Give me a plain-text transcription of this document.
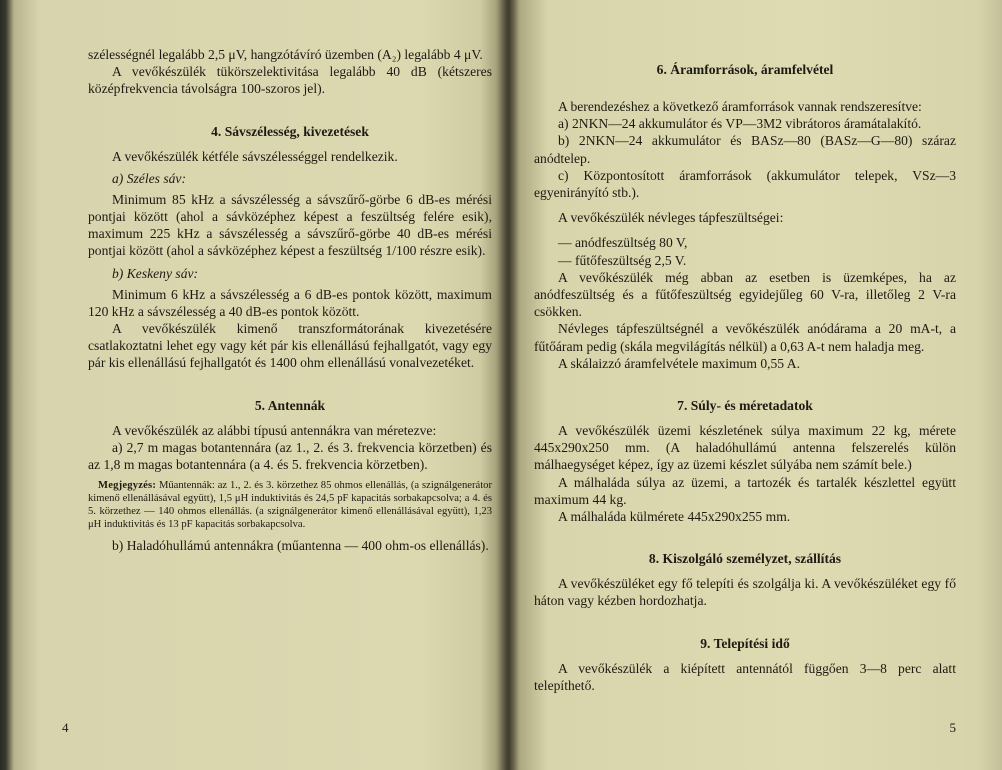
szélességnél legalább 2,5 μV, hangzótávíró üzemben (A₂) legalább 4 μV.

A vevőkészülék tükörszelektivitása legalább 40 dB (kétszeres középfrekvencia távolságra 100-szoros jel).

4. Sávszélesség, kivezetések

A vevőkészülék kétféle sávszélességgel rendelkezik.

a) Széles sáv:

Minimum 85 kHz a sávszélesség a sávszűrő-görbe 6 dB-es mérési pontjai között (ahol a sávközéphez képest a feszültség felére esik), maximum 225 kHz a sávszélesség a sávszűrő-görbe 40 dB-es mérési pontjai között (ahol a sávközéphez képest a feszültség 1/100 részre esik).

b) Keskeny sáv:

Minimum 6 kHz a sávszélesség a 6 dB-es pontok között, maximum 120 kHz a sávszélesség a 40 dB-es pontok között.

A vevőkészülék kimenő transzformátorának kivezetésére csatlakoztatni lehet egy vagy két pár kis ellenállású fejhallgatót, vagy egy pár kis ellenállású fejhallgatót és 1400 ohm ellenállású vonalvezetéket.

5. Antennák

A vevőkészülék az alábbi típusú antennákra van méretezve:

a) 2,7 m magas botantennára (az 1., 2. és 3. frekvencia körzetben) és az 1,8 m magas botantennára (a 4. és 5. frekvencia körzetben).

Megjegyzés: Műantennák: az 1., 2. és 3. körzethez 85 ohmos ellenállás, (a szignálgenerátor kimenő ellenállásával együtt), 1,5 μH induktivitás és 24,5 pF kapacitás sorbakapcsolva; a 4. és 5. körzethez — 140 ohmos ellenállás. (a szignálgenerátor kimenő ellenállásával együtt), 1,23 μH induktivitás és 13 pF kapacitás sorbakapcsolva.

b) Haladóhullámú antennákra (műantenna — 400 ohm-os ellenállás).

4
6. Áramforrások, áramfelvétel

A berendezéshez a következő áramforrások vannak rendszeresítve:

a) 2NKN—24 akkumulátor és VP—3M2 vibrátoros áramátalakító.

b) 2NKN—24 akkumulátor és BASz—80 (BASz—G—80) száraz anódtelep.

c) Központosított áramforrások (akkumulátor telepek, VSz—3 egyenirányító stb.).

A vevőkészülék névleges tápfeszültségei:

— anódfeszültség 80 V,

— fűtőfeszültség 2,5 V.

A vevőkészülék még abban az esetben is üzemképes, ha az anódfeszültség és a fűtőfeszültség egyidejűleg 60 V-ra, illetőleg 2 V-ra csökken.

Névleges tápfeszültségnél a vevőkészülék anódárama a 20 mA-t, a fűtőáram pedig (skála megvilágítás nélkül) a 0,63 A-t nem haladja meg.

A skálaizzó áramfelvétele maximum 0,55 A.

7. Súly- és méretadatok

A vevőkészülék üzemi készletének súlya maximum 22 kg, mérete 445x290x250 mm. (A haladóhullámú antenna felszerelés külön málhaegységet képez, így az üzemi készlet súlyába nem számít bele.)

A málhaláda súlya az üzemi, a tartozék és tartalék készlettel együtt maximum 44 kg.

A málhaláda külmérete 445x290x255 mm.

8. Kiszolgáló személyzet, szállítás

A vevőkészüléket egy fő telepíti és szolgálja ki. A vevőkészüléket egy fő háton vagy kézben hordozhatja.

9. Telepítési idő

A vevőkészülék a kiépített antennától függően 3—8 perc alatt telepíthető.

5
